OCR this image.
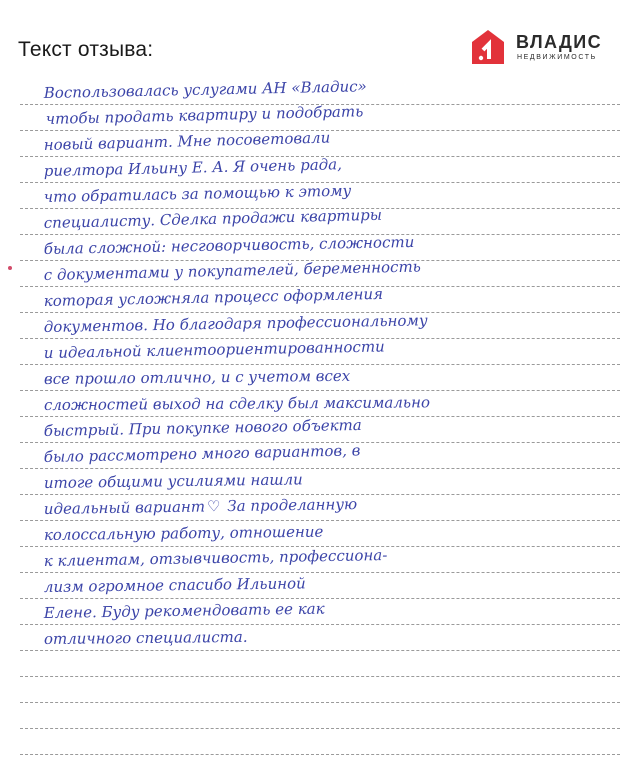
Текст отзыва:	ВЛАДИС
НЕДВИЖИМОСТЬ
Воспользовалась услугами АН «Владис»
чтобы продать квартиру и подобрать
новый вариант. Мне посоветовали
риелтора Ильину Е. А. Я очень рада,
что обратилась за помощью к этому
специалисту. Сделка продажи квартиры
была сложной: несговорчивость, сложности
с документами у покупателей, беременность
которая усложняла процесс оформления
документов. Но благодаря профессиональному
и идеальной клиентоориентированности
все прошло отлично, и с учетом всех
сложностей выход на сделку был максимально
быстрый. При покупке нового объекта
было рассмотрено много вариантов, в
итоге общими усилиями нашли
идеальный вариант ♡ За проделанную
колоссальную работу, отношение
к клиентам, отзывчивость, профессиона-
лизм огромное спасибо Ильиной
Елене. Буду рекомендовать ее как
отличного специалиста.
